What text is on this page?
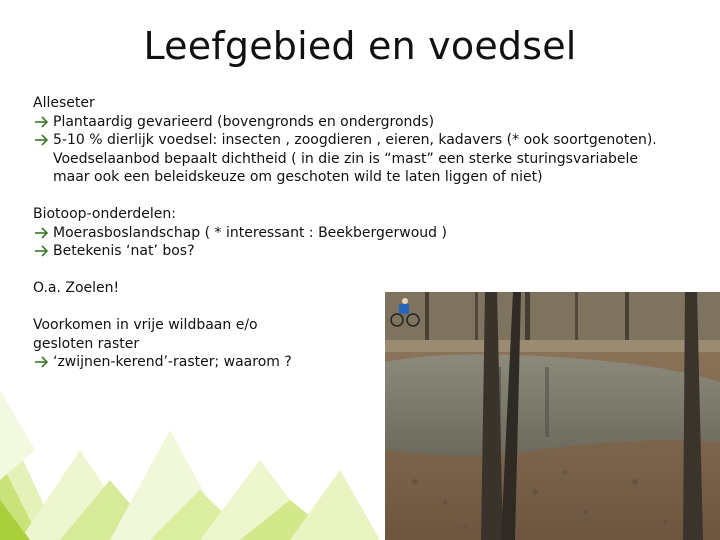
Leefgebied en voedsel
Alleseter
Plantaardig gevarieerd (bovengronds en ondergronds)
5-10 % dierlijk voedsel: insecten , zoogdieren , eieren, kadavers (* ook soortgenoten). Voedselaanbod bepaalt dichtheid ( in die zin is “mast” een sterke sturingsvariabele maar ook een beleidskeuze om geschoten wild te laten liggen of niet)
Biotoop-onderdelen:
Moerasboslandschap ( * interessant : Beekbergerwoud )
Betekenis ‘nat’ bos?
O.a. Zoelen!
Voorkomen in vrije wildbaan e/o
gesloten raster
‘zwijnen-kerend’-raster; waarom ?
